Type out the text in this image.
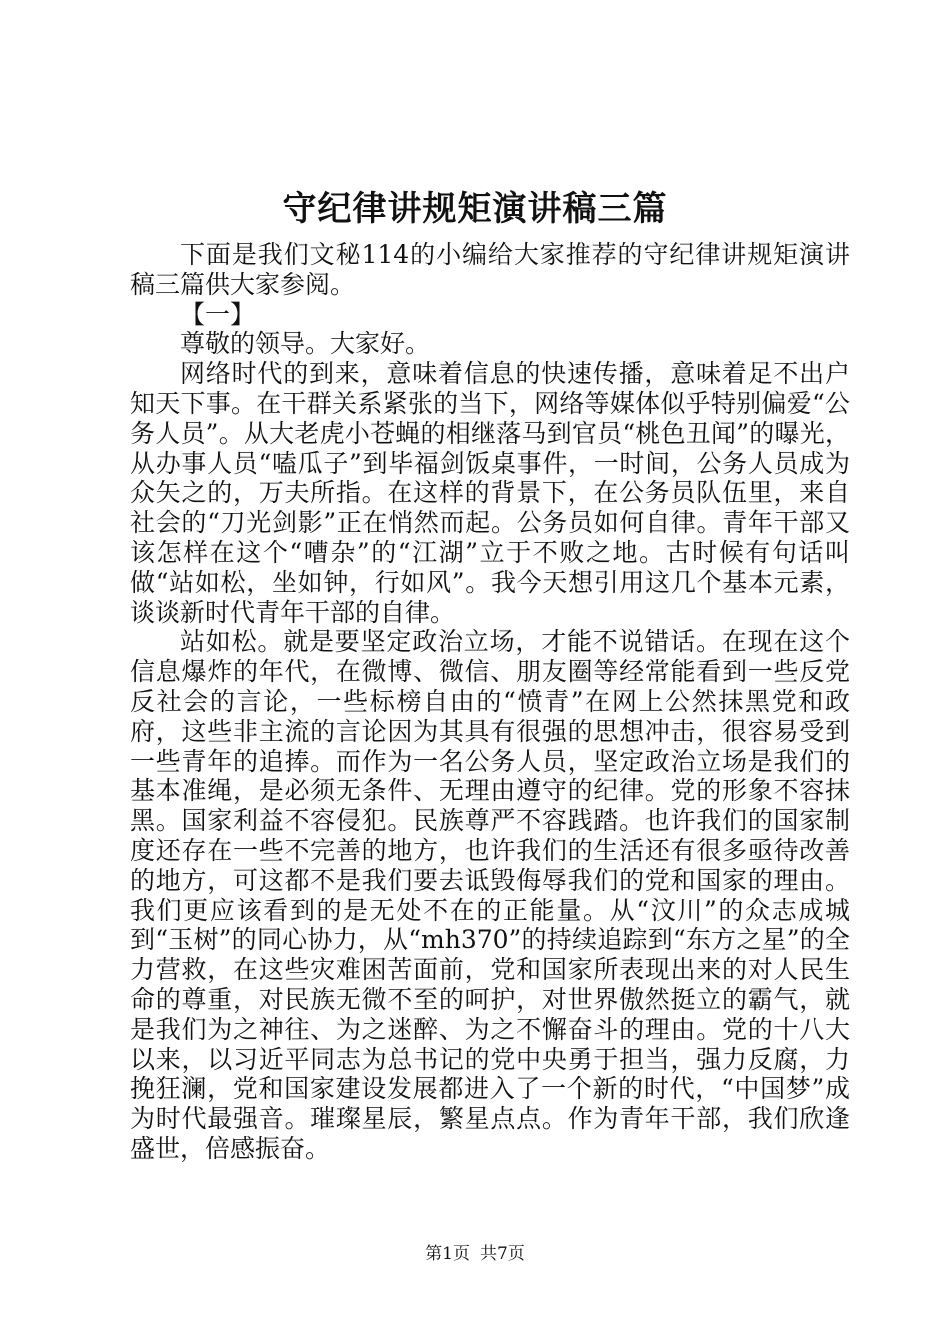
守纪律讲规矩演讲稿三篇

下面是我们文秘114的小编给大家推荐的守纪律讲规矩演讲稿三篇供大家参阅。

【一】

尊敬的领导。大家好。

网络时代的到来，意味着信息的快速传播，意味着足不出户知天下事。在干群关系紧张的当下，网络等媒体似乎特别偏爱“公务人员”。从大老虎小苍蝇的相继落马到官员“桃色丑闻”的曝光，从办事人员“嗑瓜子”到毕福剑饭桌事件，一时间，公务人员成为众矢之的，万夫所指。在这样的背景下，在公务员队伍里，来自社会的“刀光剑影”正在悄然而起。公务员如何自律。青年干部又该怎样在这个“嘈杂”的“江湖”立于不败之地。古时候有句话叫做“站如松，坐如钟，行如风”。我今天想引用这几个基本元素，谈谈新时代青年干部的自律。

站如松。就是要坚定政治立场，才能不说错话。在现在这个信息爆炸的年代，在微博、微信、朋友圈等经常能看到一些反党反社会的言论，一些标榜自由的“愤青”在网上公然抹黑党和政府，这些非主流的言论因为其具有很强的思想冲击，很容易受到一些青年的追捧。而作为一名公务人员，坚定政治立场是我们的基本准绳，是必须无条件、无理由遵守的纪律。党的形象不容抹黑。国家利益不容侵犯。民族尊严不容践踏。也许我们的国家制度还存在一些不完善的地方，也许我们的生活还有很多亟待改善的地方，可这都不是我们要去诋毁侮辱我们的党和国家的理由。我们更应该看到的是无处不在的正能量。从“汶川”的众志成城到“玉树”的同心协力，从“mh370”的持续追踪到“东方之星”的全力营救，在这些灾难困苦面前，党和国家所表现出来的对人民生命的尊重，对民族无微不至的呵护，对世界傲然挺立的霸气，就是我们为之神往、为之迷醉、为之不懈奋斗的理由。党的十八大以来，以习近平同志为总书记的党中央勇于担当，强力反腐，力挽狂澜，党和国家建设发展都进入了一个新的时代，“中国梦”成为时代最强音。璀璨星辰，繁星点点。作为青年干部，我们欣逢盛世，倍感振奋。

第1页 共7页
